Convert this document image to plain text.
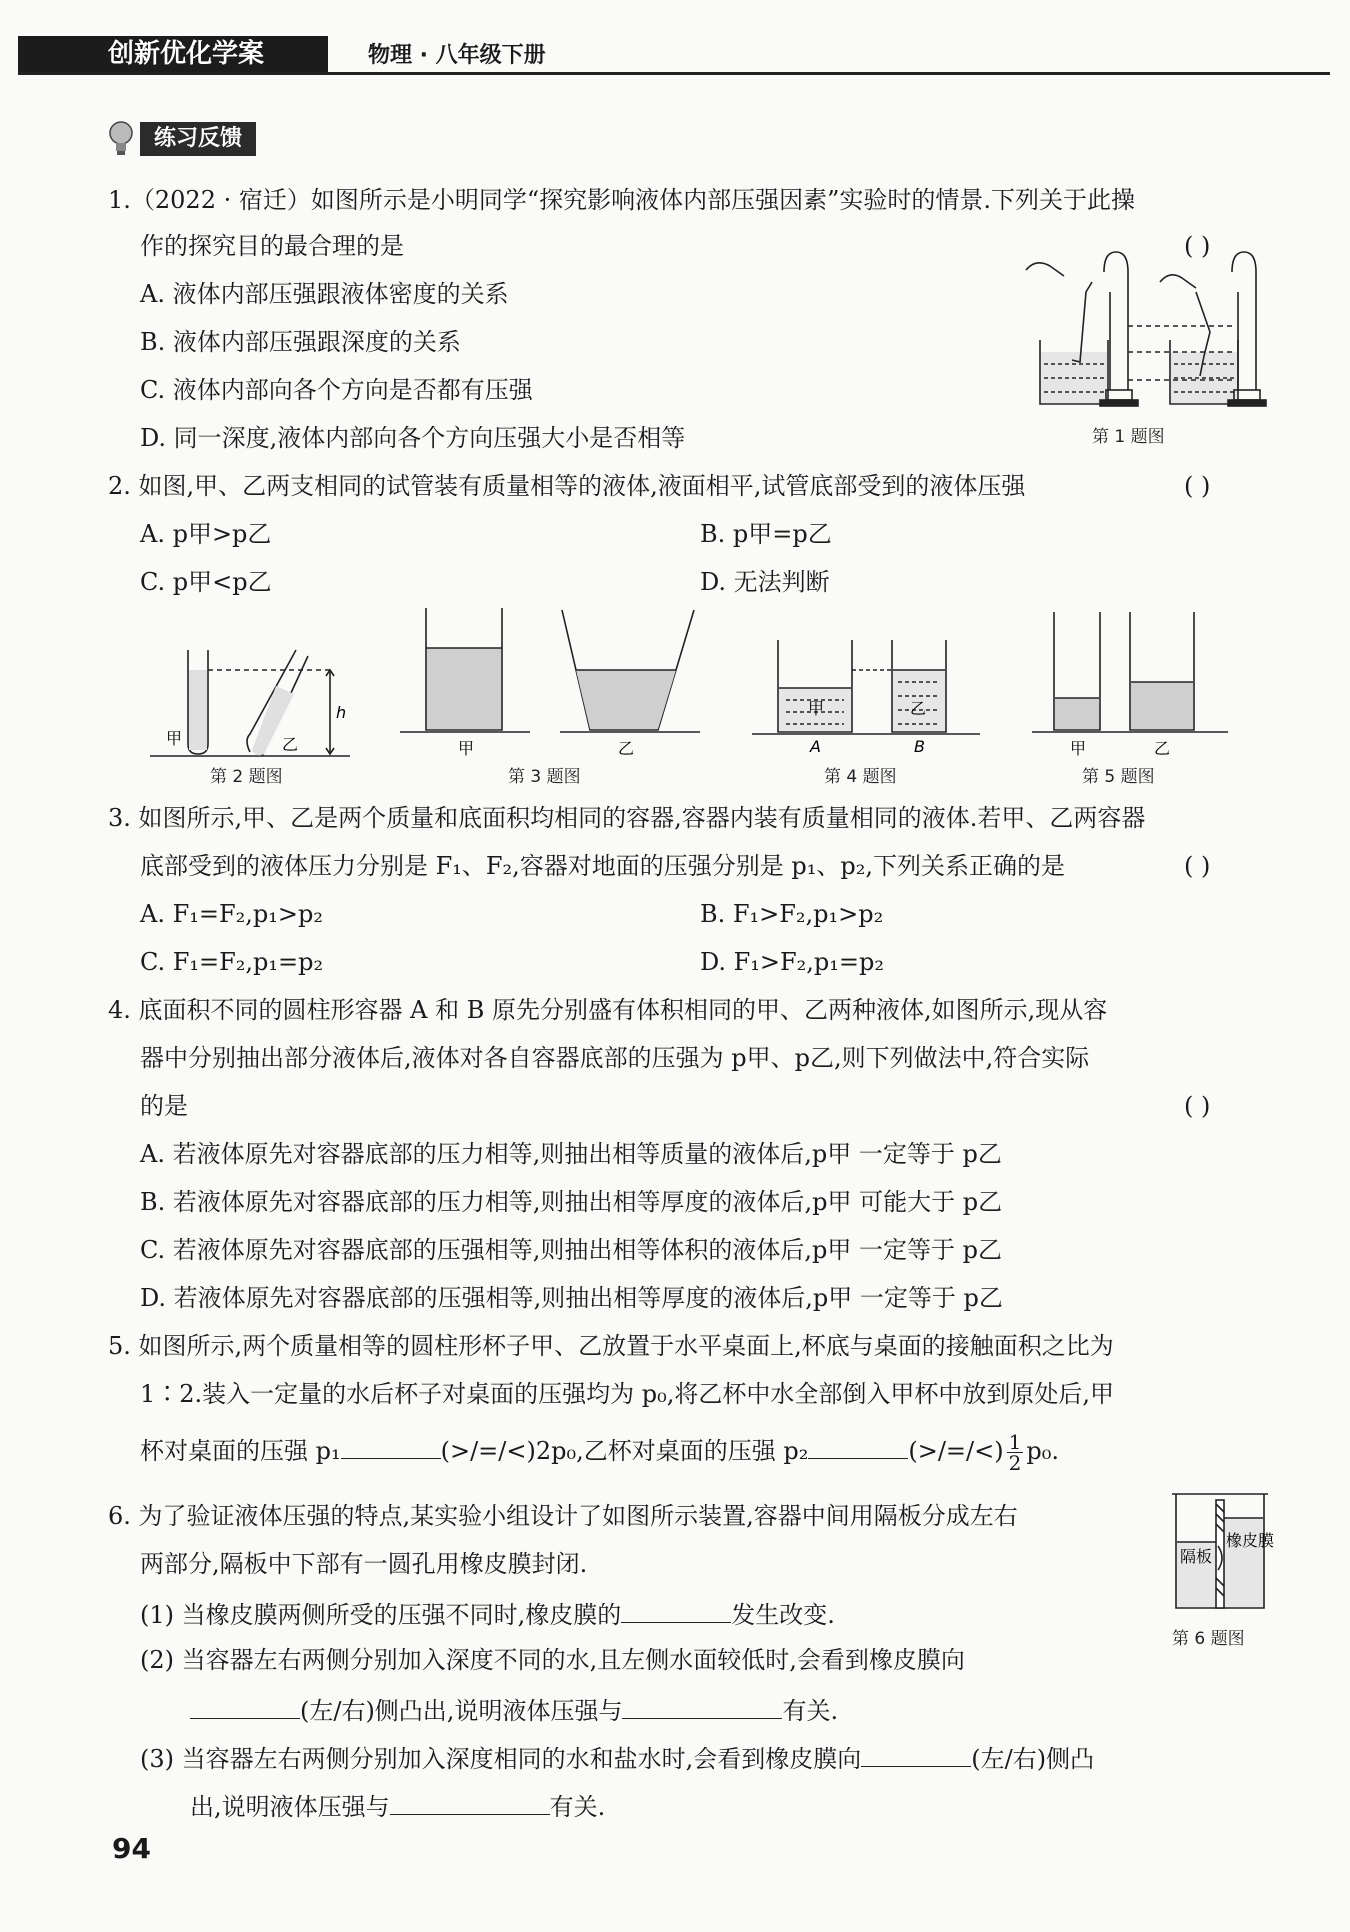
创新优化学案	物理 · 八年级下册
练习反馈
1.（2022 · 宿迁）如图所示是小明同学“探究影响液体内部压强因素”实验时的情景.下列关于此操
作的探究目的最合理的是	( )
A. 液体内部压强跟液体密度的关系
B. 液体内部压强跟深度的关系
C. 液体内部向各个方向是否都有压强
D. 同一深度,液体内部向各个方向压强大小是否相等	第 1 题图
2. 如图,甲、乙两支相同的试管装有质量相等的液体,液面相平,试管底部受到的液体压强	( )
A. p甲>p乙	B. p甲=p乙
C. p甲<p乙	D. 无法判断
甲	乙
h
第 2 题图
甲	乙
第 3 题图
甲	乙
A	B
第 4 题图
甲	乙
第 5 题图
3. 如图所示,甲、乙是两个质量和底面积均相同的容器,容器内装有质量相同的液体.若甲、乙两容器
底部受到的液体压力分别是 F₁、F₂,容器对地面的压强分别是 p₁、p₂,下列关系正确的是	( )
A. F₁=F₂,p₁>p₂	B. F₁>F₂,p₁>p₂
C. F₁=F₂,p₁=p₂	D. F₁>F₂,p₁=p₂
4. 底面积不同的圆柱形容器 A 和 B 原先分别盛有体积相同的甲、乙两种液体,如图所示,现从容
器中分别抽出部分液体后,液体对各自容器底部的压强为 p甲、p乙,则下列做法中,符合实际
的是	( )
A. 若液体原先对容器底部的压力相等,则抽出相等质量的液体后,p甲 一定等于 p乙
B. 若液体原先对容器底部的压力相等,则抽出相等厚度的液体后,p甲 可能大于 p乙
C. 若液体原先对容器底部的压强相等,则抽出相等体积的液体后,p甲 一定等于 p乙
D. 若液体原先对容器底部的压强相等,则抽出相等厚度的液体后,p甲 一定等于 p乙
5. 如图所示,两个质量相等的圆柱形杯子甲、乙放置于水平桌面上,杯底与桌面的接触面积之比为
1∶2.装入一定量的水后杯子对桌面的压强均为 p₀,将乙杯中水全部倒入甲杯中放到原处后,甲
杯对桌面的压强 p₁	(>/=/<)2p₀,乙杯对桌面的压强 p₂	(>/=/<) $\frac{1}{2} p_0$.
6. 为了验证液体压强的特点,某实验小组设计了如图所示装置,容器中间用隔板分成左右
两部分,隔板中下部有一圆孔用橡皮膜封闭.
(1) 当橡皮膜两侧所受的压强不同时,橡皮膜的	发生改变.
(2) 当容器左右两侧分别加入深度不同的水,且左侧水面较低时,会看到橡皮膜向
(左/右)侧凸出,说明液体压强与	有关.
(3) 当容器左右两侧分别加入深度相同的水和盐水时,会看到橡皮膜向	(左/右)侧凸
出,说明液体压强与	有关.
隔板
橡皮膜
第 6 题图
94
